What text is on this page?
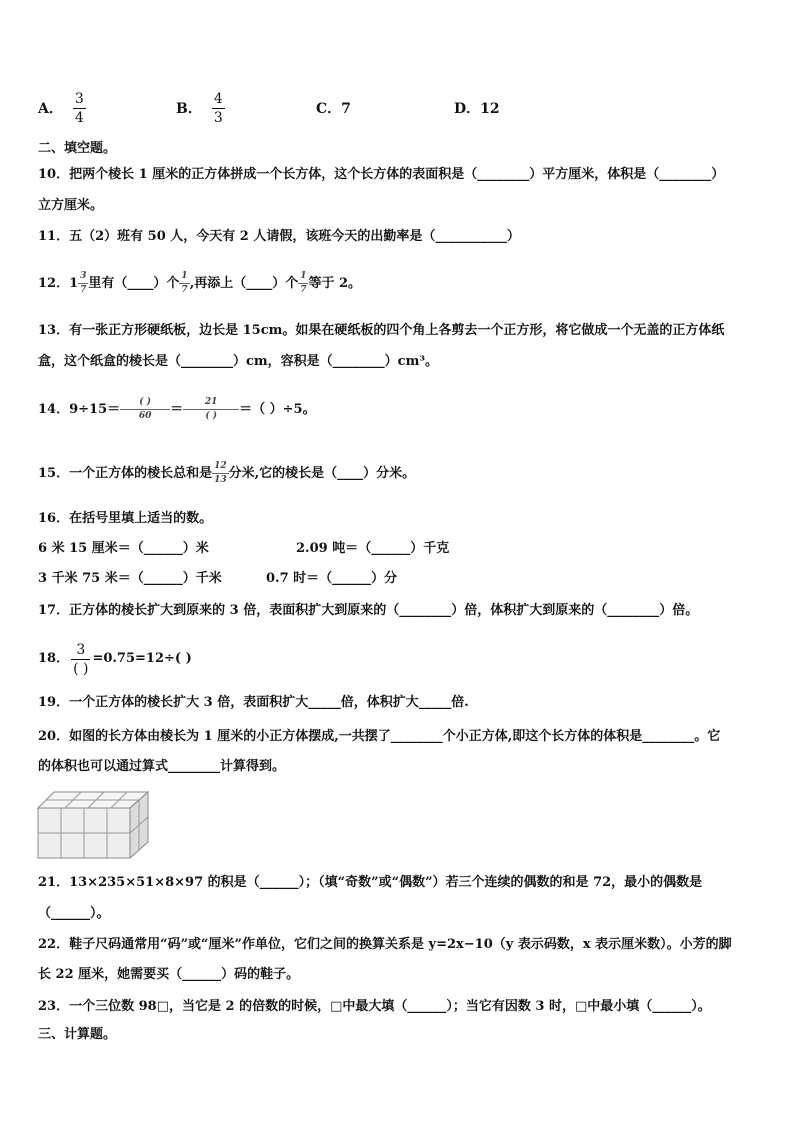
A． $\frac{3}{4}$	B． $\frac{4}{3}$	C．7	D．12
二、填空题。
10．把两个棱长 1 厘米的正方体拼成一个长方体，这个长方体的表面积是（________）平方厘米，体积是（________）
立方厘米。
11．五（2）班有 50 人，今天有 2 人请假，该班今天的出勤率是（___________）
12．$1 \frac{3}{7}$ 里有（____）个 $\frac{1}{7}$ ,再添上（____）个 $\frac{1}{7}$ 等于 2。
13．有一张正方形硬纸板，边长是 15cm。如果在硬纸板的四个角上各剪去一个正方形，将它做成一个无盖的正方体纸
盒，这个纸盒的棱长是（________）cm，容积是（________）cm³。
14．$9\div 15= \frac{( )}{60} = \frac{21}{( )}$ ＝（ ）÷5。
15．一个正方体的棱长总和是 $\frac{12}{13}$ 分米,它的棱长是（____）分米。
16．在括号里填上适当的数。
6 米 15 厘米＝（______）米	2.09 吨＝（______）千克
3 千米 75 米＝（______）千米	0.7 时＝（______）分
17．正方体的棱长扩大到原来的 3 倍，表面积扩大到原来的（________）倍，体积扩大到原来的（________）倍。
18． $\frac{3}{( )} =0.75=12\div$( )
19．一个正方体的棱长扩大 3 倍，表面积扩大_____倍，体积扩大_____倍.
20．如图的长方体由棱长为 1 厘米的小正方体摆成,一共摆了________个小正方体,即这个长方体的体积是________。它
的体积也可以通过算式________计算得到。
21．13×235×51×8×97 的积是（______）；（填“奇数”或“偶数”）若三个连续的偶数的和是 72，最小的偶数是
（______）。
22．鞋子尺码通常用“码”或“厘米”作单位，它们之间的换算关系是 y=2x−10（y 表示码数，x 表示厘米数）。小芳的脚
长 22 厘米，她需要买（______）码的鞋子。
23．一个三位数 98□，当它是 2 的倍数的时候，□中最大填（______）；当它有因数 3 时，□中最小填（______）。
三、计算题。
